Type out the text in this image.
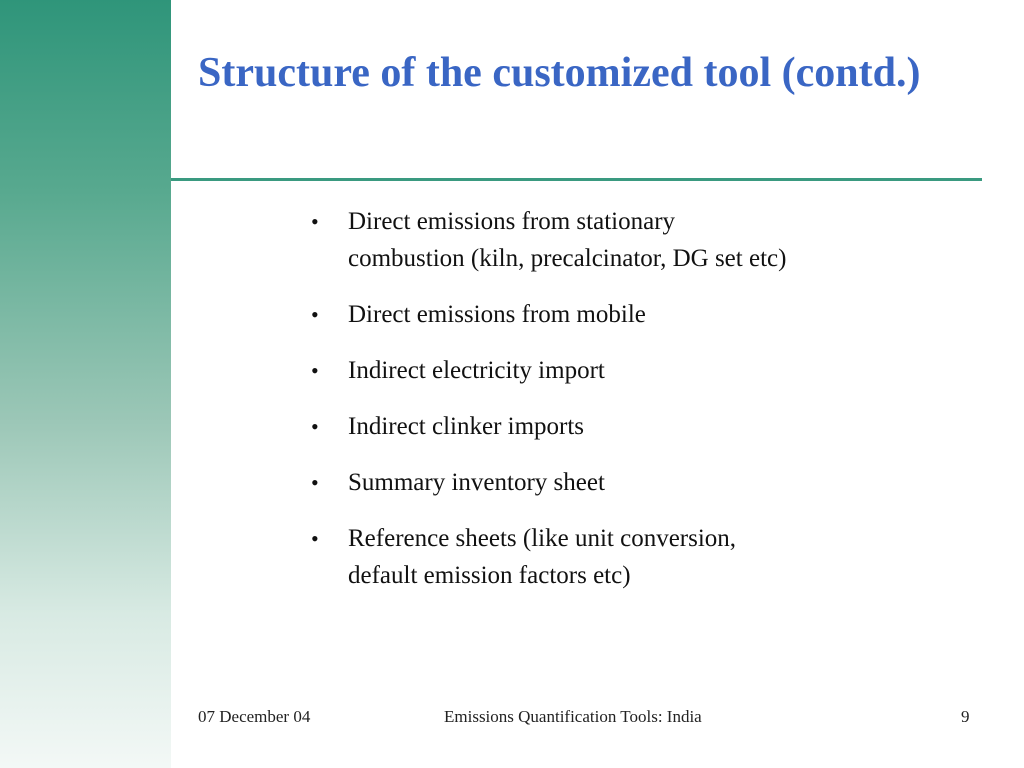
Structure of the customized tool (contd.)
• Direct emissions from stationary
combustion (kiln, precalcinator, DG set etc)
• Direct emissions from mobile
• Indirect electricity import
• Indirect clinker imports
• Summary inventory sheet
• Reference sheets (like unit conversion,
default emission factors etc)
07 December 04	Emissions Quantification Tools: India	9
